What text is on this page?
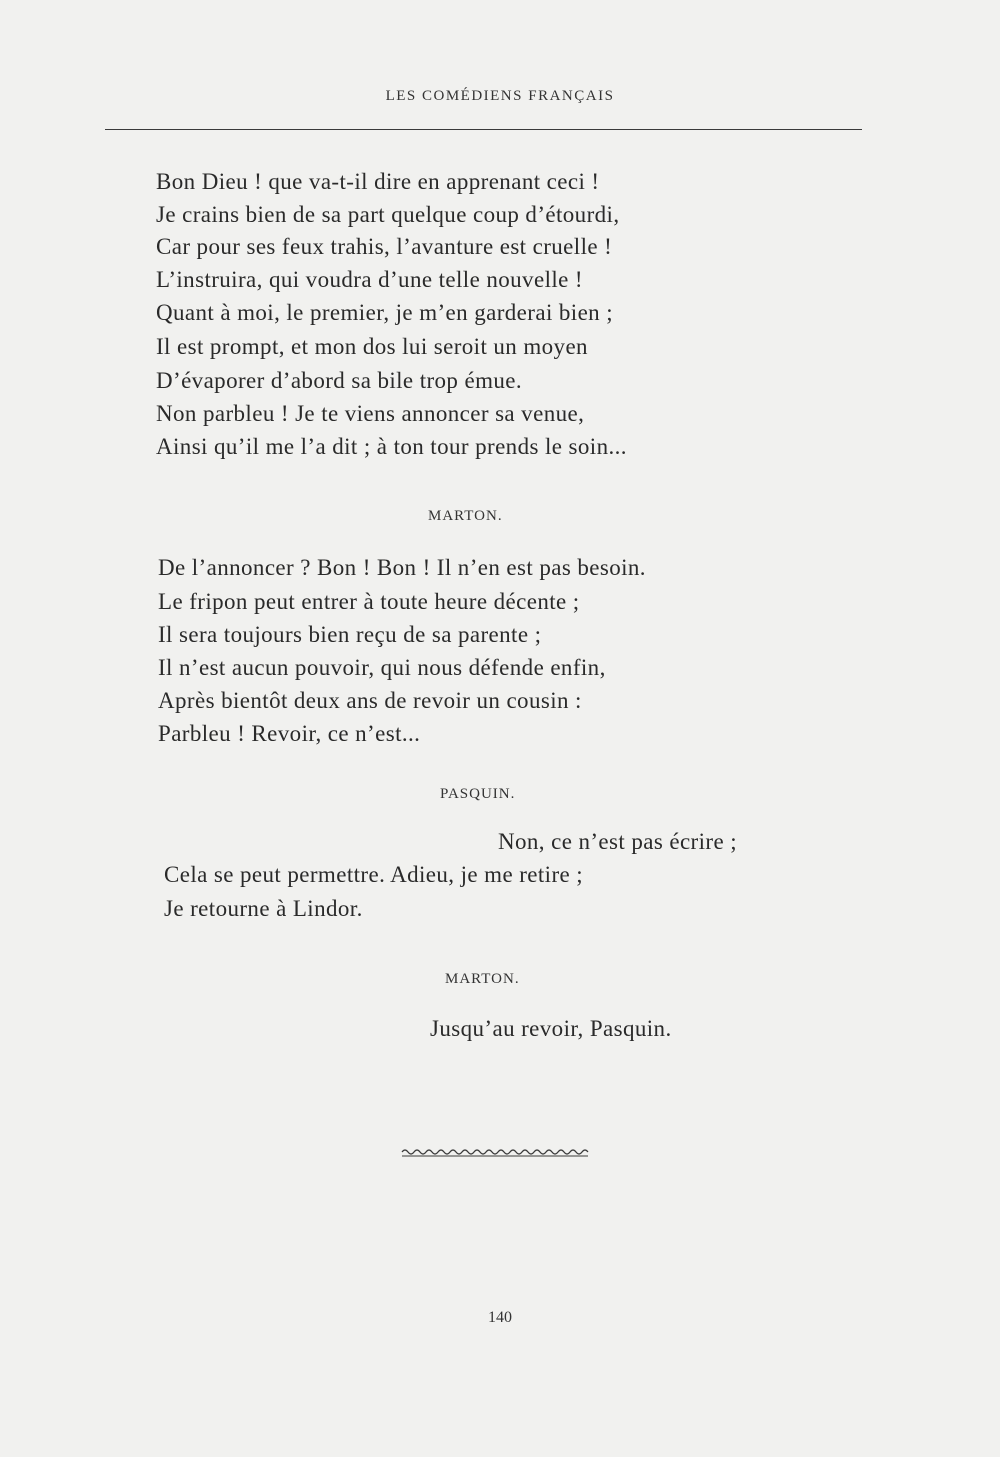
LES COMÉDIENS FRANÇAIS
Bon Dieu ! que va-t-il dire en apprenant ceci !
Je crains bien de sa part quelque coup d’étourdi,
Car pour ses feux trahis, l’avanture est cruelle !
L’instruira, qui voudra d’une telle nouvelle !
Quant à moi, le premier, je m’en garderai bien ;
Il est prompt, et mon dos lui seroit un moyen
D’évaporer d’abord sa bile trop émue.
Non parbleu ! Je te viens annoncer sa venue,
Ainsi qu’il me l’a dit ; à ton tour prends le soin...
MARTON.
De l’annoncer ? Bon ! Bon ! Il n’en est pas besoin.
Le fripon peut entrer à toute heure décente ;
Il sera toujours bien reçu de sa parente ;
Il n’est aucun pouvoir, qui nous défende enfin,
Après bientôt deux ans de revoir un cousin :
Parbleu ! Revoir, ce n’est...
PASQUIN.
Non, ce n’est pas écrire ;
Cela se peut permettre. Adieu, je me retire ;
Je retourne à Lindor.
MARTON.
Jusqu’au revoir, Pasquin.
140
